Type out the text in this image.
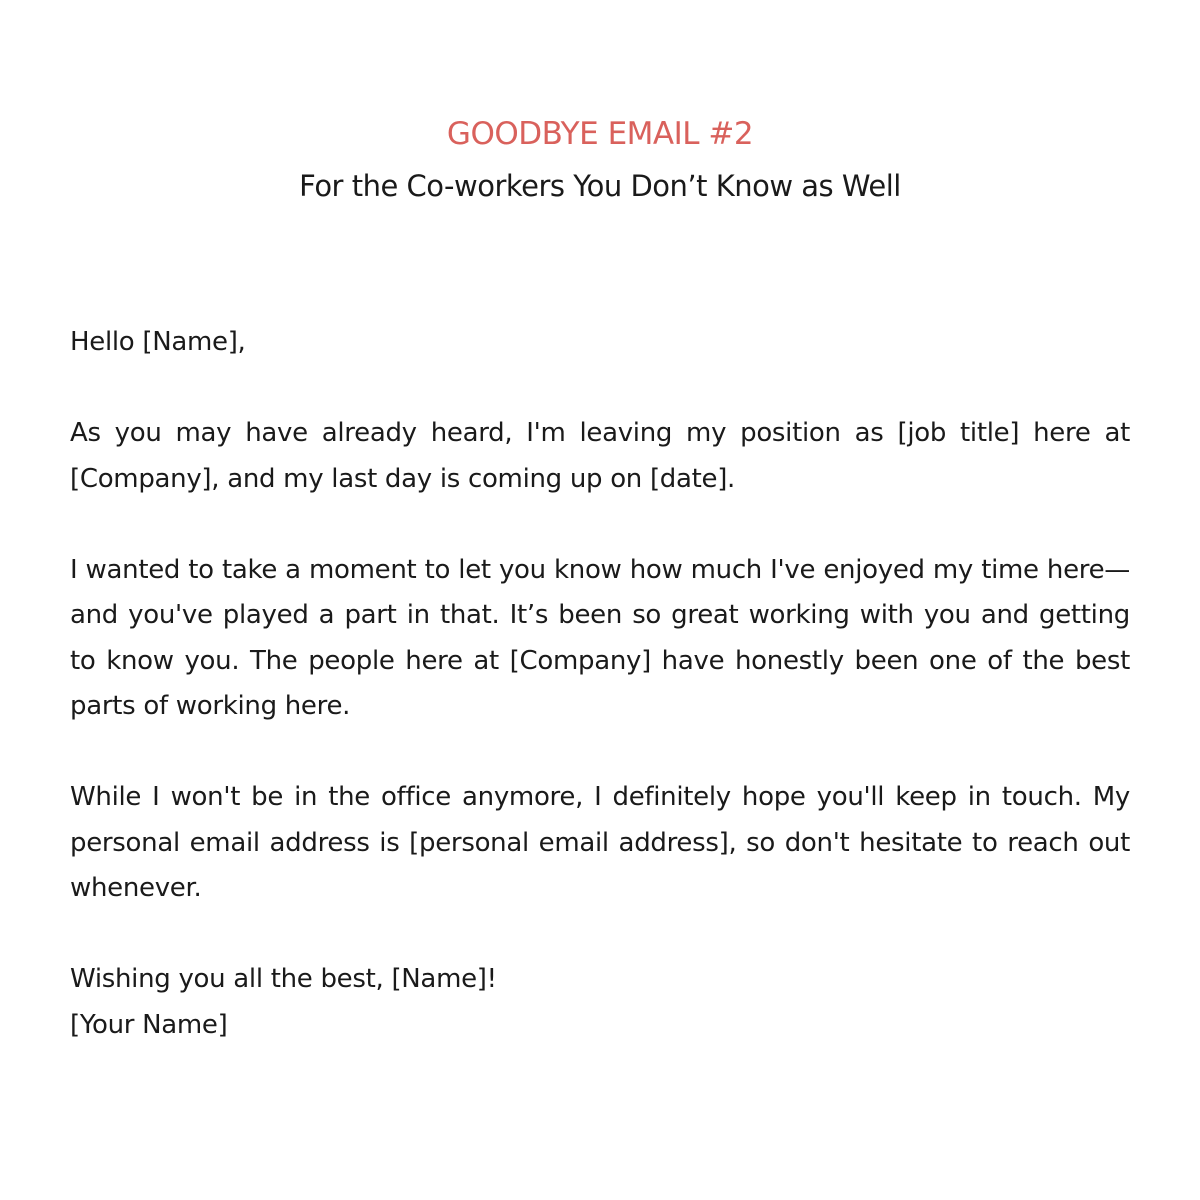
GOODBYE EMAIL #2
For the Co-workers You Don’t Know as Well

Hello [Name],

As you may have already heard, I'm leaving my position as [job title] here at [Company], and my last day is coming up on [date].

I wanted to take a moment to let you know how much I've enjoyed my time here—and you've played a part in that. It’s been so great working with you and getting to know you. The people here at [Company] have honestly been one of the best parts of working here.

While I won't be in the office anymore, I definitely hope you'll keep in touch. My personal email address is [personal email address], so don't hesitate to reach out whenever.

Wishing you all the best, [Name]!

[Your Name]
